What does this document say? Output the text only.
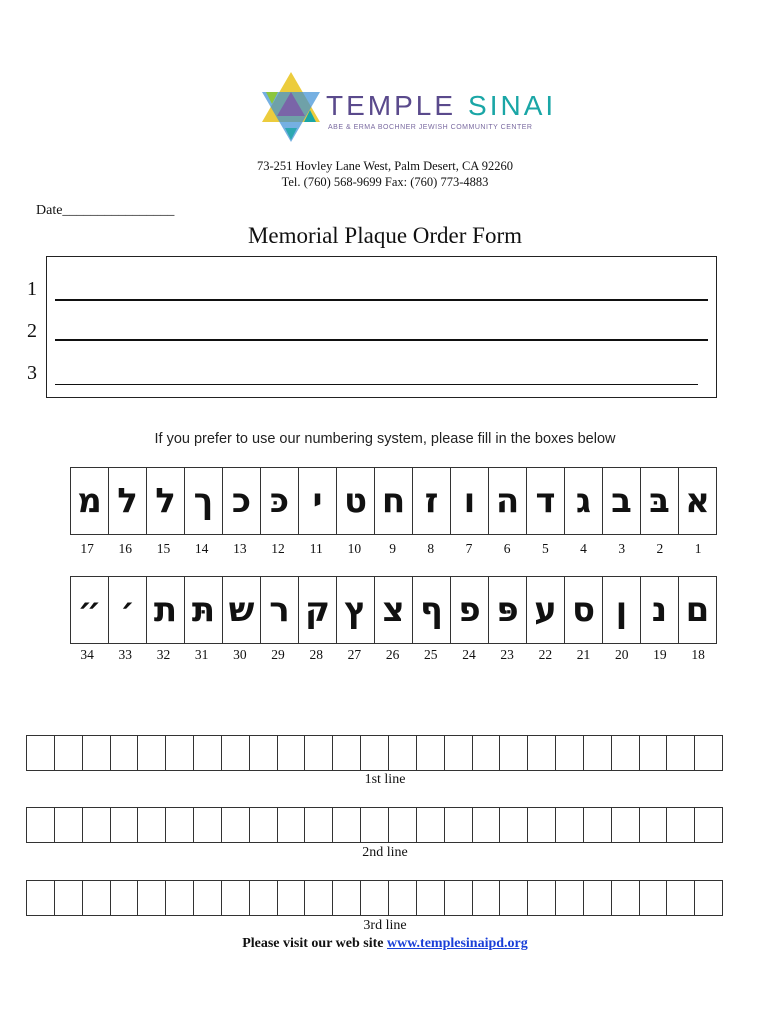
TEMPLE SINAI
ABE & ERMA BOCHNER JEWISH COMMUNITY CENTER
73-251 Hovley Lane West, Palm Desert, CA 92260
Tel. (760) 568-9699 Fax: (760) 773-4883
Date________________
Memorial Plaque Order Form
1
2
3
If you prefer to use our numbering system, please fill in the boxes below
מ ל ל ך כ כּ י ט ח ז ו ה ד ג ב בּ א
17	16	15	14	13	12	11	10	9	8	7	6	5	4	3	2	1
״ ׳ ת תּ ש ר ק ץ צ ף פ פּ ע ס ן נ ם
34	33	32	31	30	29	28	27	26	25	24	23	22	21	20	19	18
1st line
2nd line
3rd line
Please visit our web site www.templesinaipd.org
